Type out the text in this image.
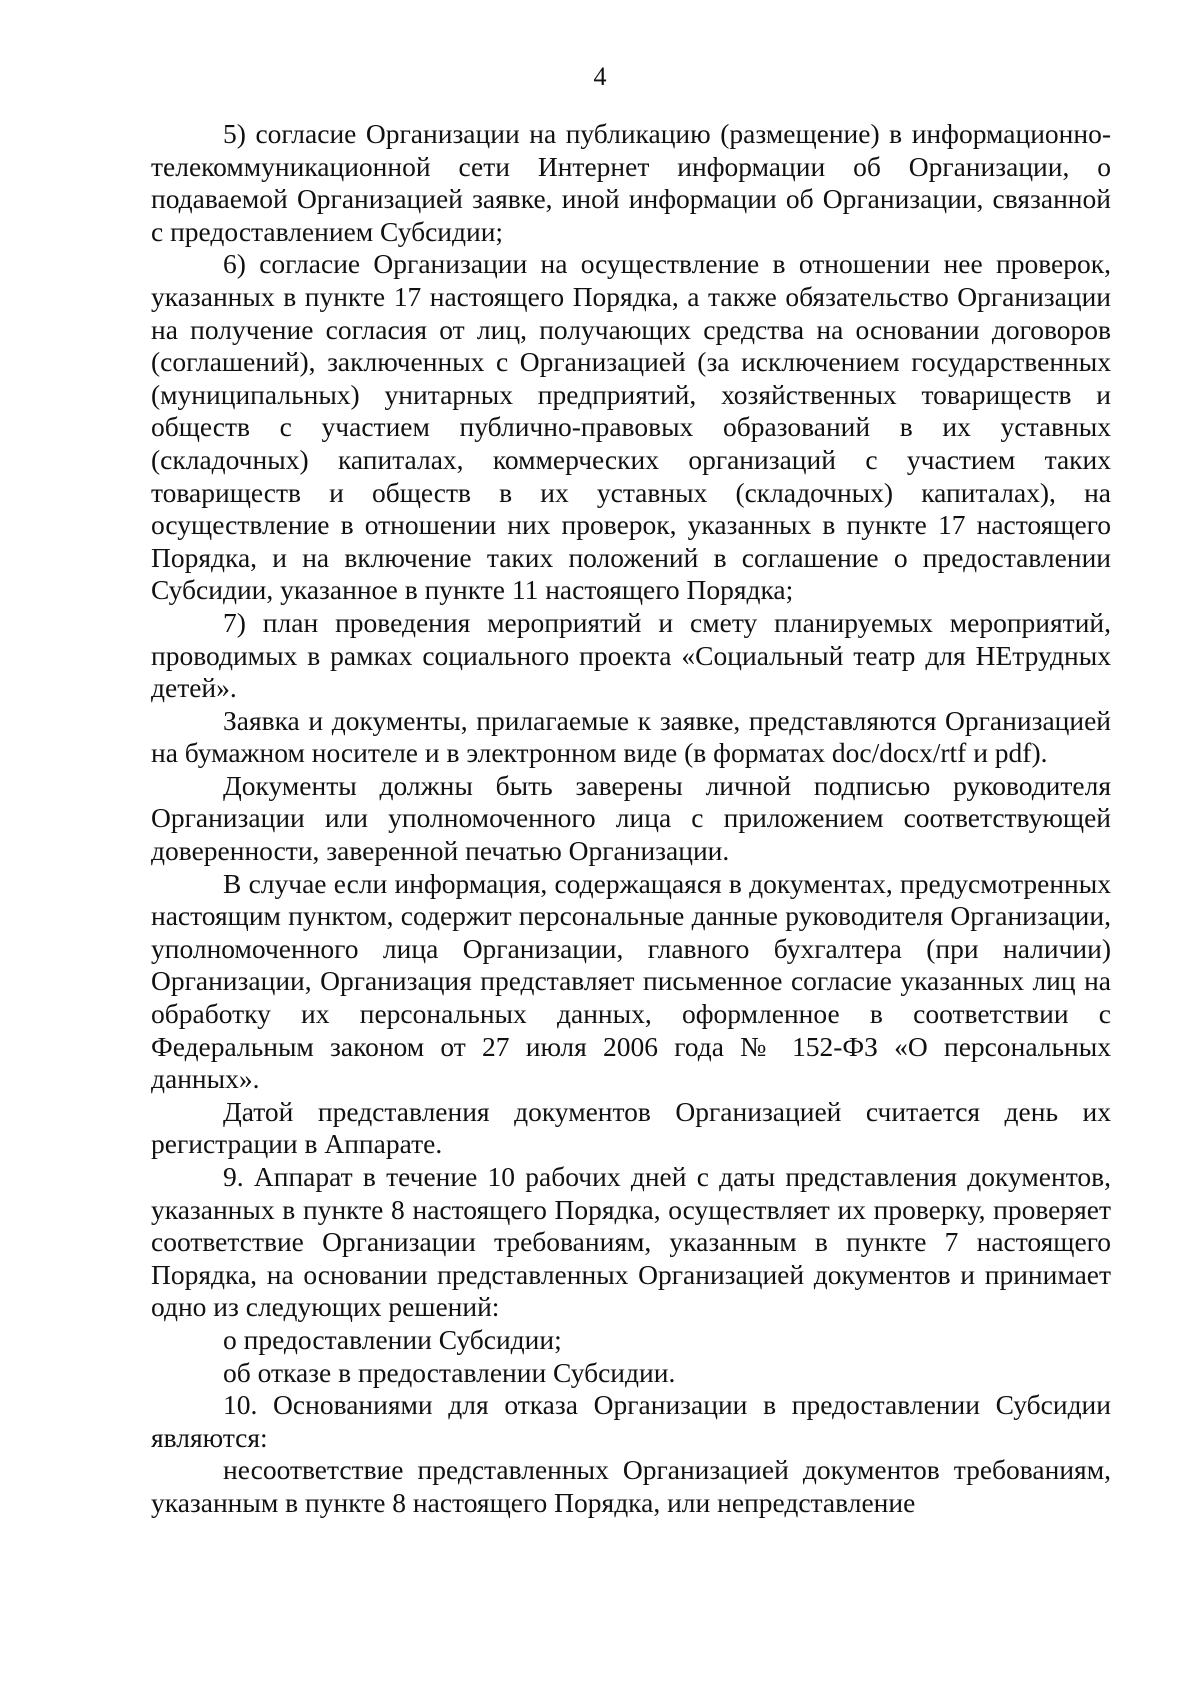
4

5) согласие Организации на публикацию (размещение) в информационно-телекоммуникационной сети Интернет информации об Организации, о подаваемой Организацией заявке, иной информации об Организации, связанной с предоставлением Субсидии;

6) согласие Организации на осуществление в отношении нее проверок, указанных в пункте 17 настоящего Порядка, а также обязательство Организации на получение согласия от лиц, получающих средства на основании договоров (соглашений), заключенных с Организацией (за исключением государственных (муниципальных) унитарных предприятий, хозяйственных товариществ и обществ с участием публично-правовых образований в их уставных (складочных) капиталах, коммерческих организаций с участием таких товариществ и обществ в их уставных (складочных) капиталах), на осуществление в отношении них проверок, указанных в пункте 17 настоящего Порядка, и на включение таких положений в соглашение о предоставлении Субсидии, указанное в пункте 11 настоящего Порядка;

7) план проведения мероприятий и смету планируемых мероприятий, проводимых в рамках социального проекта «Социальный театр для НЕтрудных детей».

Заявка и документы, прилагаемые к заявке, представляются Организацией на бумажном носителе и в электронном виде (в форматах doc/docx/rtf и pdf).

Документы должны быть заверены личной подписью руководителя Организации или уполномоченного лица с приложением соответствующей доверенности, заверенной печатью Организации.

В случае если информация, содержащаяся в документах, предусмотренных настоящим пунктом, содержит персональные данные руководителя Организации, уполномоченного лица Организации, главного бухгалтера (при наличии) Организации, Организация представляет письменное согласие указанных лиц на обработку их персональных данных, оформленное в соответствии с Федеральным законом от 27 июля 2006 года № 152-ФЗ «О персональных данных».

Датой представления документов Организацией считается день их регистрации в Аппарате.

9. Аппарат в течение 10 рабочих дней с даты представления документов, указанных в пункте 8 настоящего Порядка, осуществляет их проверку, проверяет соответствие Организации требованиям, указанным в пункте 7 настоящего Порядка, на основании представленных Организацией документов и принимает одно из следующих решений:

о предоставлении Субсидии;

об отказе в предоставлении Субсидии.

10. Основаниями для отказа Организации в предоставлении Субсидии являются:

несоответствие представленных Организацией документов требованиям, указанным в пункте 8 настоящего Порядка, или непредставление
